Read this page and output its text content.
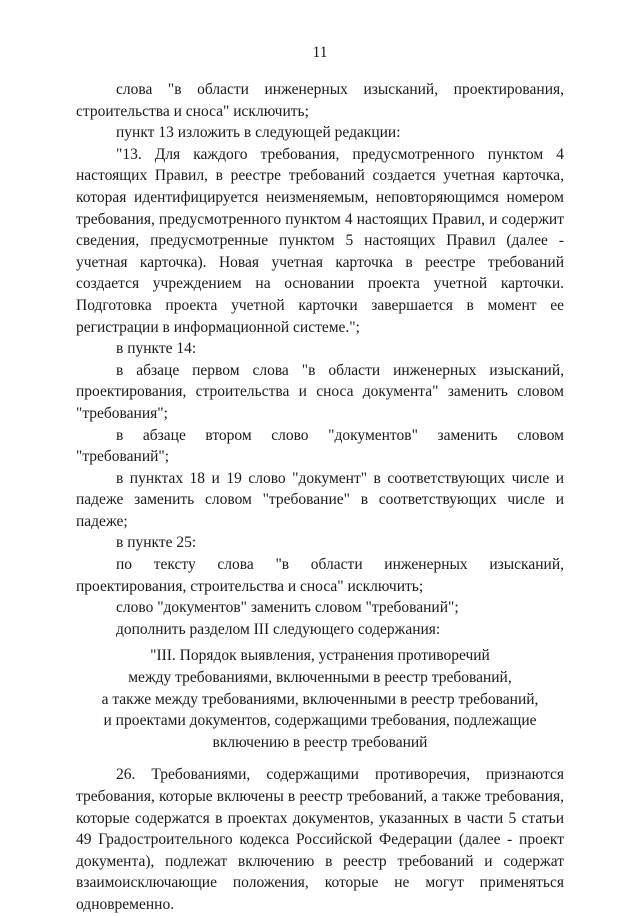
11

слова "в области инженерных изысканий, проектирования, строительства и сноса" исключить;

пункт 13 изложить в следующей редакции:

"13. Для каждого требования, предусмотренного пунктом 4 настоящих Правил, в реестре требований создается учетная карточка, которая идентифицируется неизменяемым, неповторяющимся номером требования, предусмотренного пунктом 4 настоящих Правил, и содержит сведения, предусмотренные пунктом 5 настоящих Правил (далее - учетная карточка). Новая учетная карточка в реестре требований создается учреждением на основании проекта учетной карточки. Подготовка проекта учетной карточки завершается в момент ее регистрации в информационной системе.";

в пункте 14:

в абзаце первом слова "в области инженерных изысканий, проектирования, строительства и сноса документа" заменить словом "требования";

в абзаце втором слово "документов" заменить словом "требований";

в пунктах 18 и 19 слово "документ" в соответствующих числе и падеже заменить словом "требование" в соответствующих числе и падеже;

в пункте 25:

по тексту слова "в области инженерных изысканий, проектирования, строительства и сноса" исключить;

слово "документов" заменить словом "требований";

дополнить разделом III следующего содержания:

"III. Порядок выявления, устранения противоречий
между требованиями, включенными в реестр требований,
а также между требованиями, включенными в реестр требований,
и проектами документов, содержащими требования, подлежащие
включению в реестр требований

26. Требованиями, содержащими противоречия, признаются требования, которые включены в реестр требований, а также требования, которые содержатся в проектах документов, указанных в части 5 статьи 49 Градостроительного кодекса Российской Федерации (далее - проект документа), подлежат включению в реестр требований и содержат взаимоисключающие положения, которые не могут применяться одновременно.
